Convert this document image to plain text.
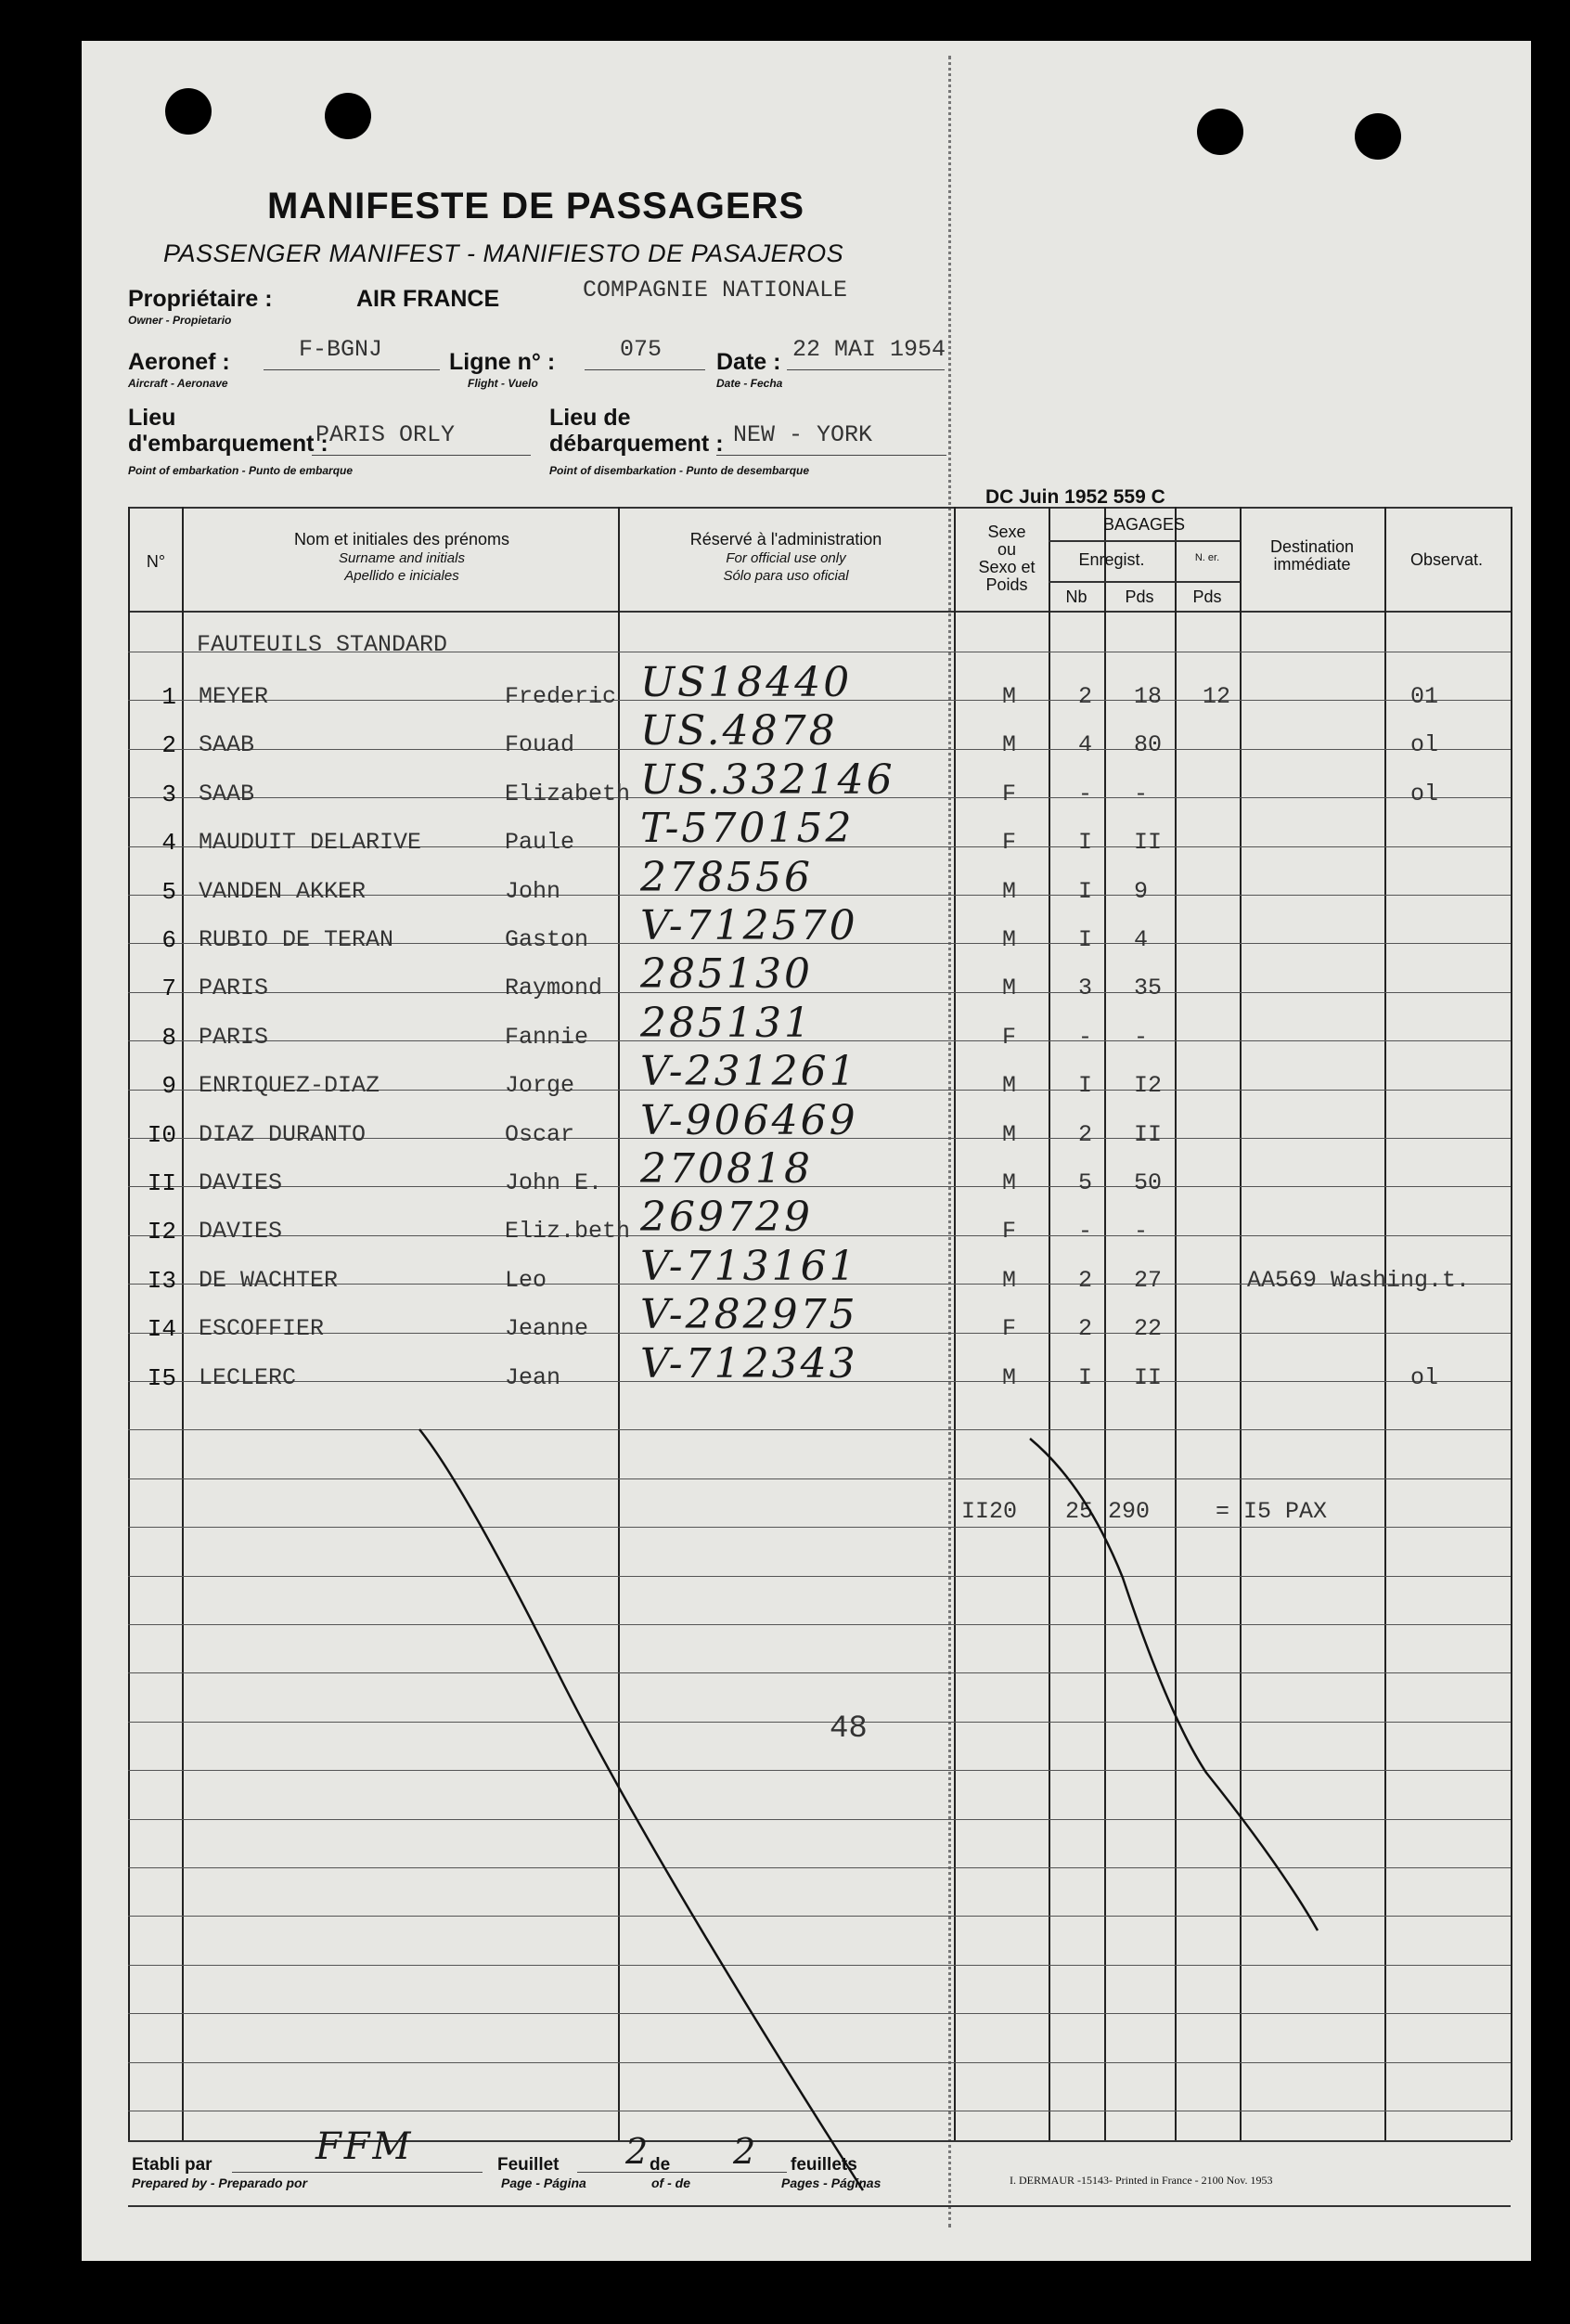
MANIFESTE DE PASSAGERS
PASSENGER MANIFEST - MANIFIESTO DE PASAJEROS
Propriétaire :	AIR FRANCE	COMPAGNIE NATIONALE
Owner - Propietario
Aeronef :	F-BGNJ
Aircraft - Aeronave
Ligne n° :	075
Flight - Vuelo
Date : 22 MAI 1954
Date - Fecha
Lieu
d'embarquement :
PARIS ORLY
Point of embarkation - Punto de embarque
Lieu de
débarquement : NEW - YORK
Point of disembarkation - Punto de desembarque
DC Juin 1952 559 C
N°
Nom et initiales des prénoms
Surname and initials
Apellido e iniciales
Réservé à l'administration
For official use only
Sólo para uso oficial
Sexe
ou
Sexo et
Poids
BAGAGES
Enregist.
Nb	Pds
N. er.
Pds
Destination
immédiate	Observat.
FAUTEUILS STANDARD
1 MEYER	Frederic US18440	M	2 18 12	01
2 SAAB	Fouad US.4878	M	4 80	ol
3 SAAB	Elizabeth US.332146	F	- -	ol
4 MAUDUIT DELARIVE	Paule T-570152	F	I II
5 VANDEN AKKER	John 278556	M	I 9
6 RUBIO DE TERAN	Gaston V-712570	M	I 4
7 PARIS	Raymond 285130	M	3 35
8 PARIS	Fannie 285131	F	- -
9 ENRIQUEZ-DIAZ	Jorge V-231261	M	I I2
I0 DIAZ DURANTO	Oscar V-906469	M	2 II
II DAVIES	John E. 270818	M	5 50
I2 DAVIES	Eliz.beth 269729	F	- -
I3 DE WACHTER	Leo V-713161	M	2 27	AA569 Washing.t.
I4 ESCOFFIER	Jeanne V-282975	F	2 22
I5 LECLERC	Jean V-712343	M	I II	ol
II20 25 290	= I5 PAX
48
Etabli par	FFM
Prepared by - Preparado por
Feuillet 2
de 2 feuillets
Page - Página	of - de	Pages - Páginas	I. DERMAUR -15143- Printed in France - 2100 Nov. 1953
